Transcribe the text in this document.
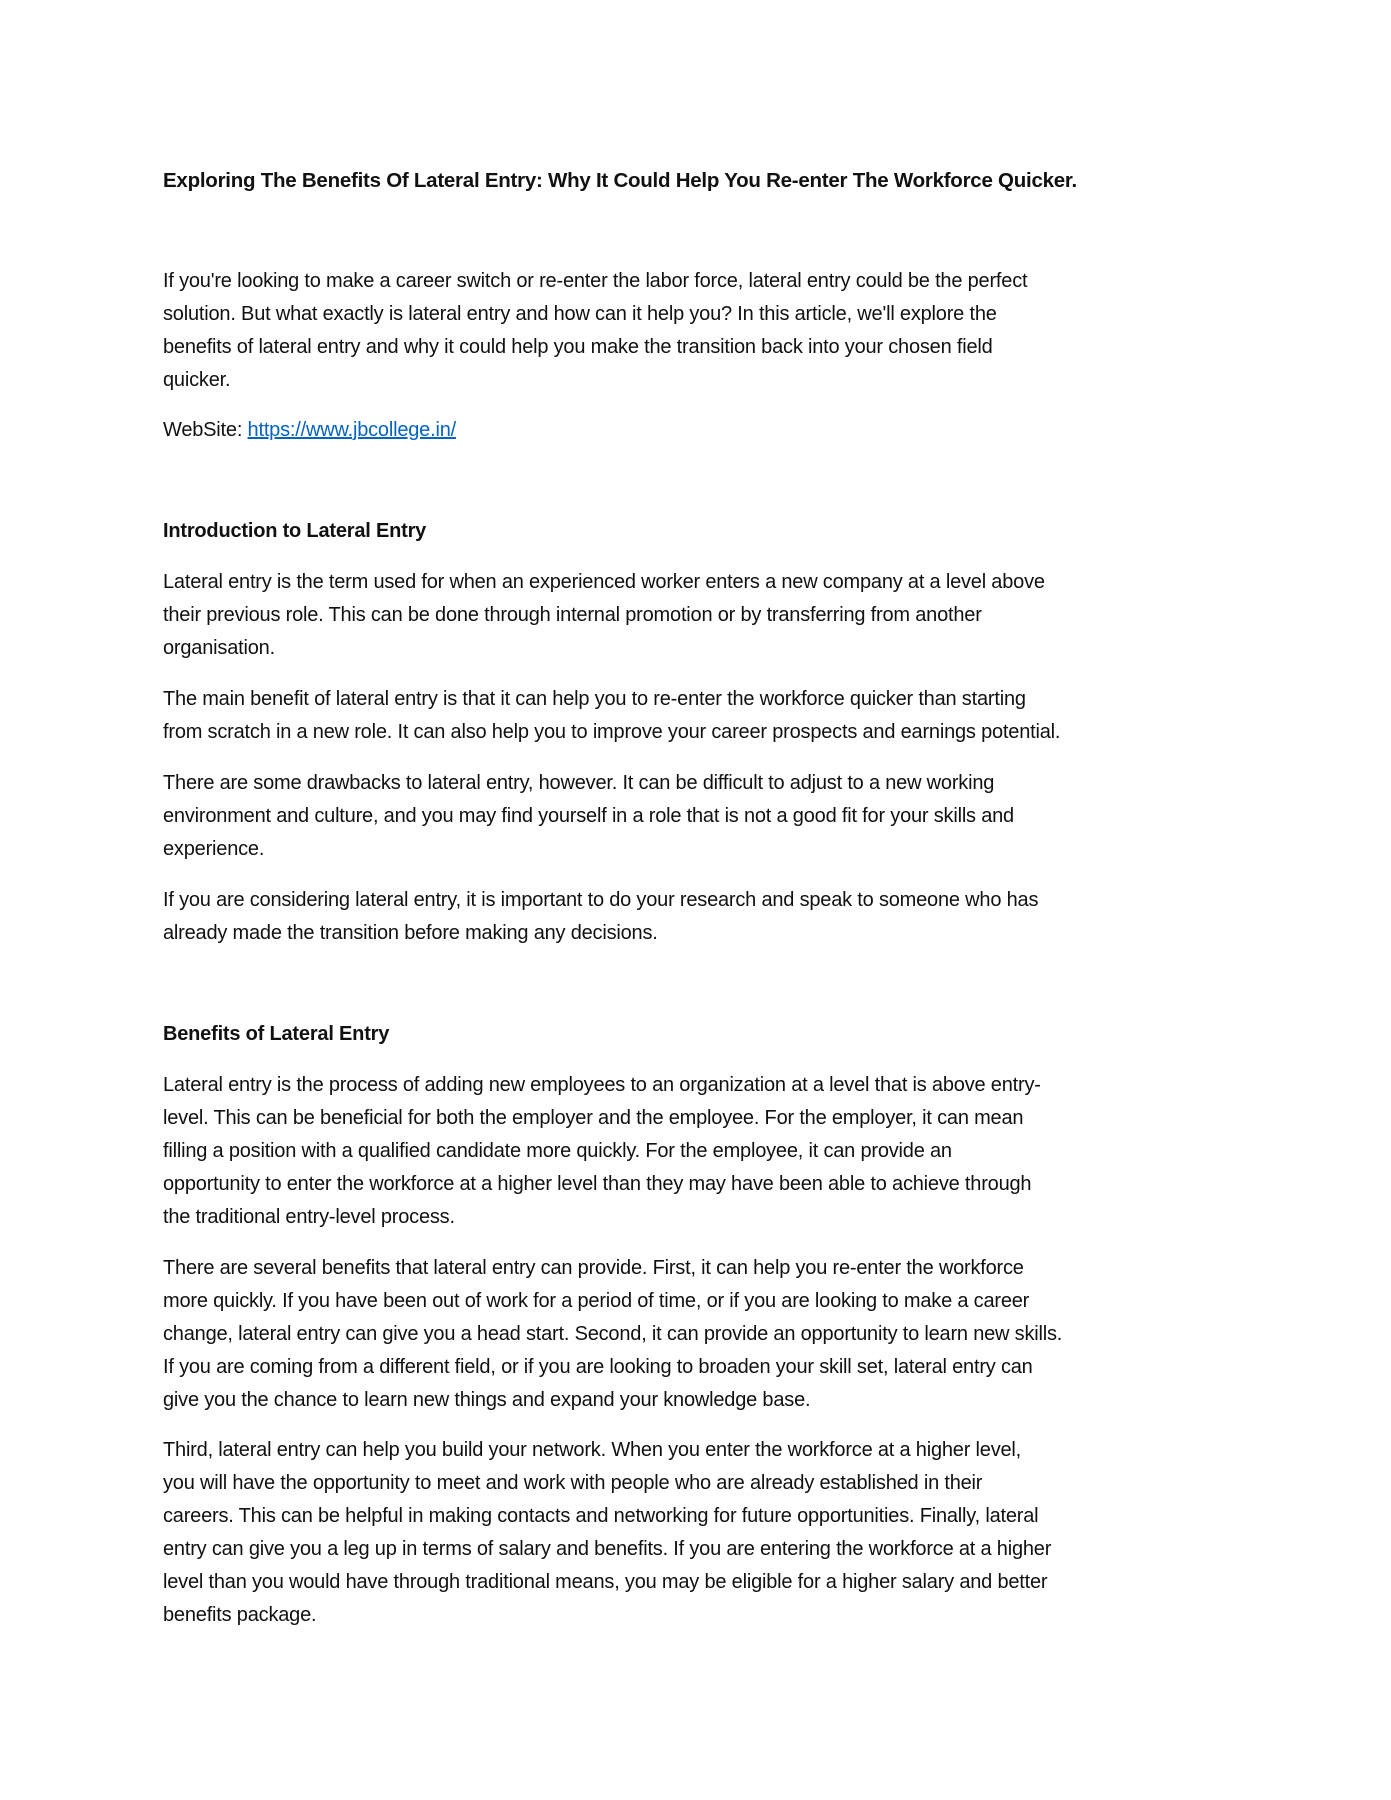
Exploring The Benefits Of Lateral Entry: Why It Could Help You Re-enter The Workforce Quicker.

If you're looking to make a career switch or re-enter the labor force, lateral entry could be the perfect
solution. But what exactly is lateral entry and how can it help you? In this article, we'll explore the
benefits of lateral entry and why it could help you make the transition back into your chosen field
quicker.

WebSite: https://www.jbcollege.in/

Introduction to Lateral Entry

Lateral entry is the term used for when an experienced worker enters a new company at a level above
their previous role. This can be done through internal promotion or by transferring from another
organisation.

The main benefit of lateral entry is that it can help you to re-enter the workforce quicker than starting
from scratch in a new role. It can also help you to improve your career prospects and earnings potential.

There are some drawbacks to lateral entry, however. It can be difficult to adjust to a new working
environment and culture, and you may find yourself in a role that is not a good fit for your skills and
experience.

If you are considering lateral entry, it is important to do your research and speak to someone who has
already made the transition before making any decisions.

Benefits of Lateral Entry

Lateral entry is the process of adding new employees to an organization at a level that is above entry-
level. This can be beneficial for both the employer and the employee. For the employer, it can mean
filling a position with a qualified candidate more quickly. For the employee, it can provide an
opportunity to enter the workforce at a higher level than they may have been able to achieve through
the traditional entry-level process.

There are several benefits that lateral entry can provide. First, it can help you re-enter the workforce
more quickly. If you have been out of work for a period of time, or if you are looking to make a career
change, lateral entry can give you a head start. Second, it can provide an opportunity to learn new skills.
If you are coming from a different field, or if you are looking to broaden your skill set, lateral entry can
give you the chance to learn new things and expand your knowledge base.

Third, lateral entry can help you build your network. When you enter the workforce at a higher level,
you will have the opportunity to meet and work with people who are already established in their
careers. This can be helpful in making contacts and networking for future opportunities. Finally, lateral
entry can give you a leg up in terms of salary and benefits. If you are entering the workforce at a higher
level than you would have through traditional means, you may be eligible for a higher salary and better
benefits package.
